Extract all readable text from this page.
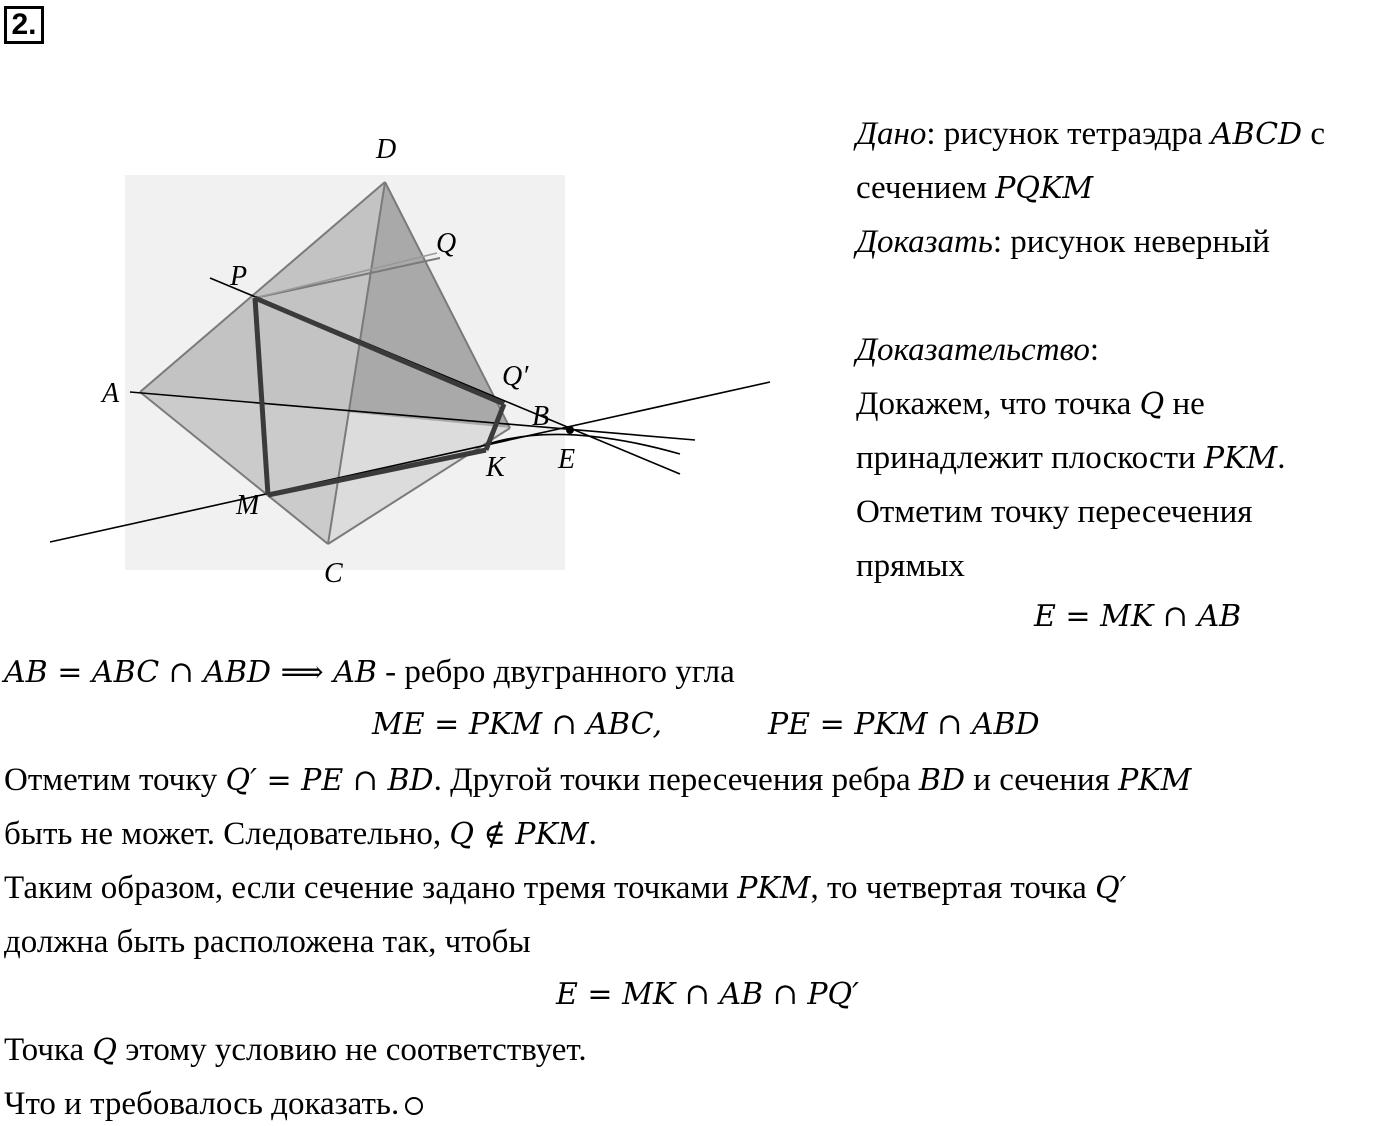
2.
D
Q
P
Q′
A
B
E
K
M
C
Дано: рисунок тетраэдра ABCD с
сечением PQKM
Доказать: рисунок неверный
Доказательство:
Докажем, что точка Q не
принадлежит плоскости PKM.
Отметим точку пересечения
прямых
E = MK ∩ AB
AB = ABC ∩ ABD ⟹ AB - ребро двугранного угла
ME = PKM ∩ ABC,	PE = PKM ∩ ABD
Отметим точку Q′ = PE ∩ BD. Другой точки пересечения ребра BD и сечения PKM
быть не может. Следовательно, Q ∉ PKM.
Таким образом, если сечение задано тремя точками PKM, то четвертая точка Q′
должна быть расположена так, чтобы
E = MK ∩ AB ∩ PQ′
Точка Q этому условию не соответствует.
Что и требовалось доказать.
